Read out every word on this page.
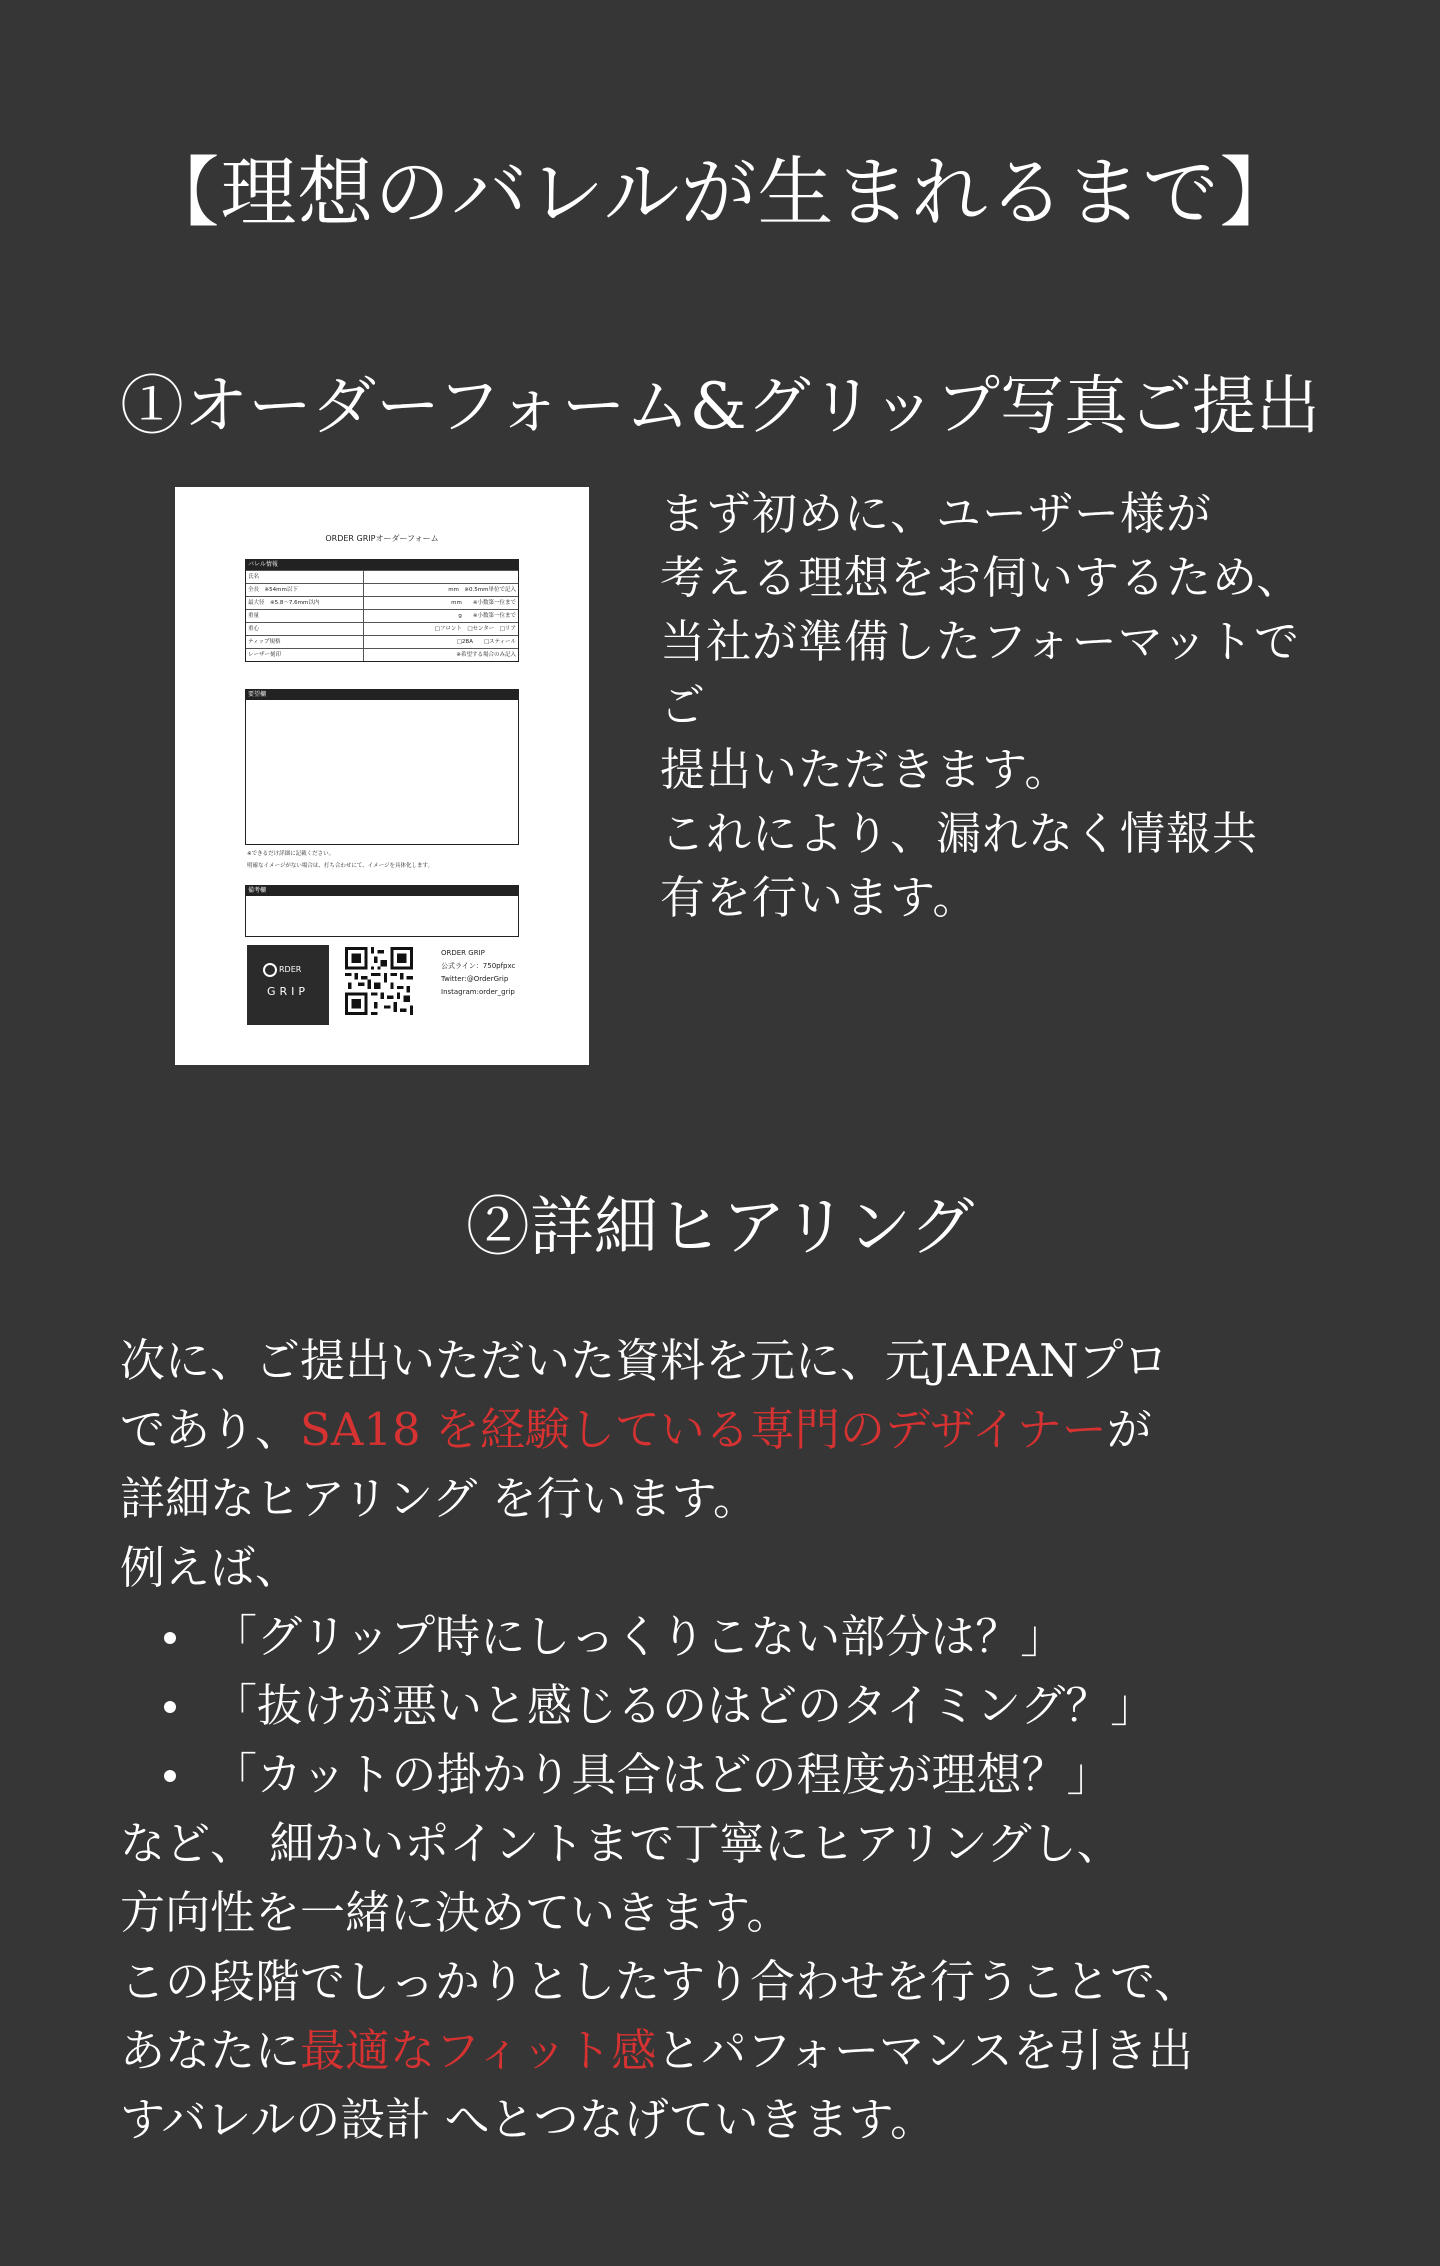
【理想のバレルが生まれるまで】
①オーダーフォーム&グリップ写真ご提出
ORDER GRIPオーダーフォーム
バレル情報
氏名
全長　※54mm以下	mm　※0.5mm単位で記入
最大径　※5.8〜7.6mm以内	mm　　※小数第一位まで
重量	g　　※小数第一位まで
重心	□フロント　□センター　□リア
ティップ規格	□2BA　　□スティール
レーザー刻印	※希望する場合のみ記入
要望欄
※できるだけ詳細に記載ください。
明確なイメージがない場合は、打ち合わせにて、イメージを具体化します。
備考欄
RDER
GRIP
ORDER GRIP
公式ライン：750pfpxc
Twitter:@OrderGrip
Instagram:order_grip

まず初めに、ユーザー様が
考える理想をお伺いするため、
当社が準備したフォーマットでご
提出いただきます。
これにより、漏れなく情報共
有を行います。

②詳細ヒアリング
次に、ご提出いただいた資料を元に、元JAPANプロ
であり、SA18 を経験している専門のデザイナーが
詳細なヒアリング を行います。
例えば、
「グリップ時にしっくりこない部分は？」
「抜けが悪いと感じるのはどのタイミング？」
「カットの掛かり具合はどの程度が理想？」
など、 細かいポイントまで丁寧にヒアリングし、
方向性を一緒に決めていきます。
この段階でしっかりとしたすり合わせを行うことで、
あなたに最適なフィット感とパフォーマンスを引き出
すバレルの設計 へとつなげていきます。
